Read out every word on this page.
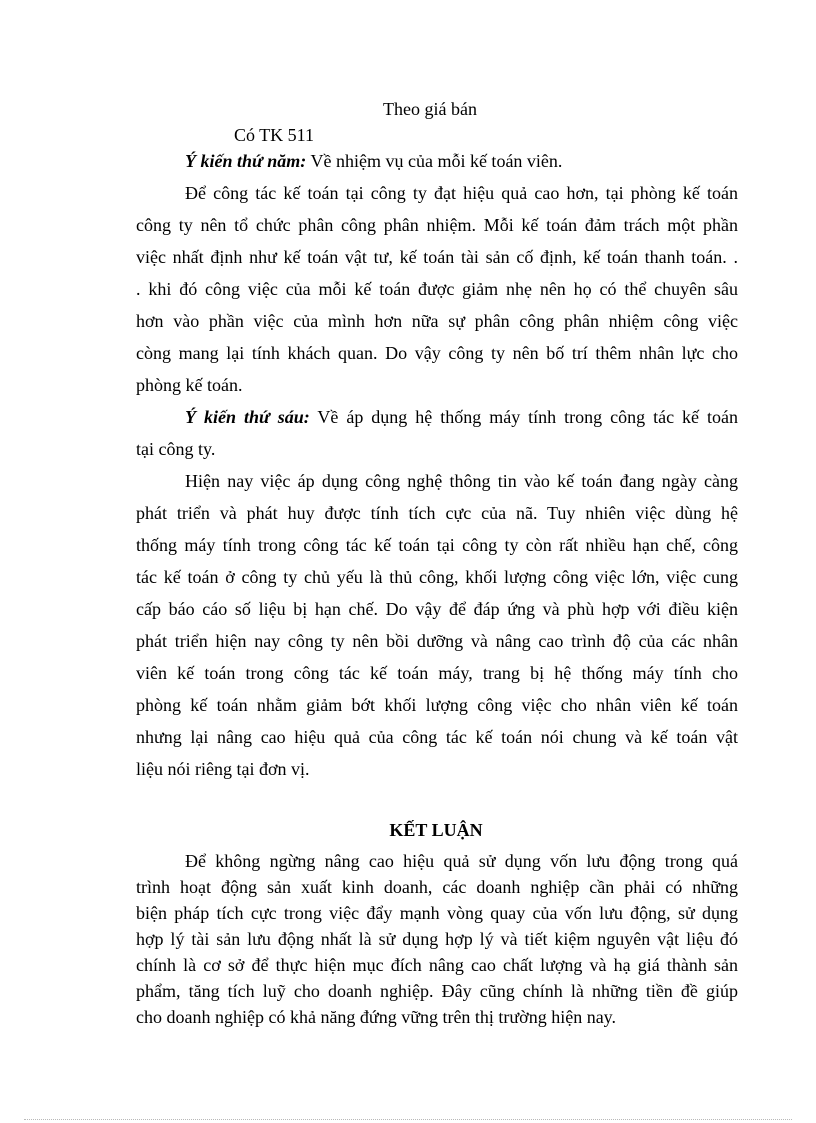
Theo giá bán

Có TK 511

Ý kiến thứ năm: Về nhiệm vụ của mỗi kế toán viên.

Để công tác kế toán tại công ty đạt hiệu quả cao hơn, tại phòng kế toán

công ty nên tổ chức phân công phân nhiệm. Mỗi kế toán đảm trách một phần

việc nhất định như kế toán vật tư, kế toán tài sản cố định, kế toán thanh toán. .

. khi đó công việc của mỗi kế toán được giảm nhẹ nên họ có thể chuyên sâu

hơn vào phần việc của mình hơn nữa sự phân công phân nhiệm công việc

còng mang lại tính khách quan. Do vậy công ty nên bố trí thêm nhân lực cho

phòng kế toán.

Ý kiến thứ sáu: Về áp dụng hệ thống máy tính trong công tác kế toán

tại công ty.

Hiện nay việc áp dụng công nghệ thông tin vào kế toán đang ngày càng

phát triển và phát huy được tính tích cực của nã. Tuy nhiên việc dùng hệ

thống máy tính trong công tác kế toán tại công ty còn rất nhiều hạn chế, công

tác kế toán ở công ty chủ yếu là thủ công, khối lượng công việc lớn, việc cung

cấp báo cáo số liệu bị hạn chế. Do vậy để đáp ứng và phù hợp với điều kiện

phát triển hiện nay công ty nên bồi dưỡng và nâng cao trình độ của các nhân

viên kế toán trong công tác kế toán máy, trang bị hệ thống máy tính cho

phòng kế toán nhằm giảm bớt khối lượng công việc cho nhân viên kế toán

nhưng lại nâng cao hiệu quả của công tác kế toán nói chung và kế toán vật

liệu nói riêng tại đơn vị.

KẾT LUẬN

Để không ngừng nâng cao hiệu quả sử dụng vốn lưu động trong quá

trình hoạt động sản xuất kinh doanh, các doanh nghiệp cần phải có những

biện pháp tích cực trong việc đẩy mạnh vòng quay của vốn lưu động, sử dụng

hợp lý tài sản lưu động nhất là sử dụng hợp lý và tiết kiệm nguyên vật liệu đó

chính là cơ sở để thực hiện mục đích nâng cao chất lượng và hạ giá thành sản

phẩm, tăng tích luỹ cho doanh nghiệp. Đây cũng chính là những tiền đề giúp

cho doanh nghiệp có khả năng đứng vững trên thị trường hiện nay.
